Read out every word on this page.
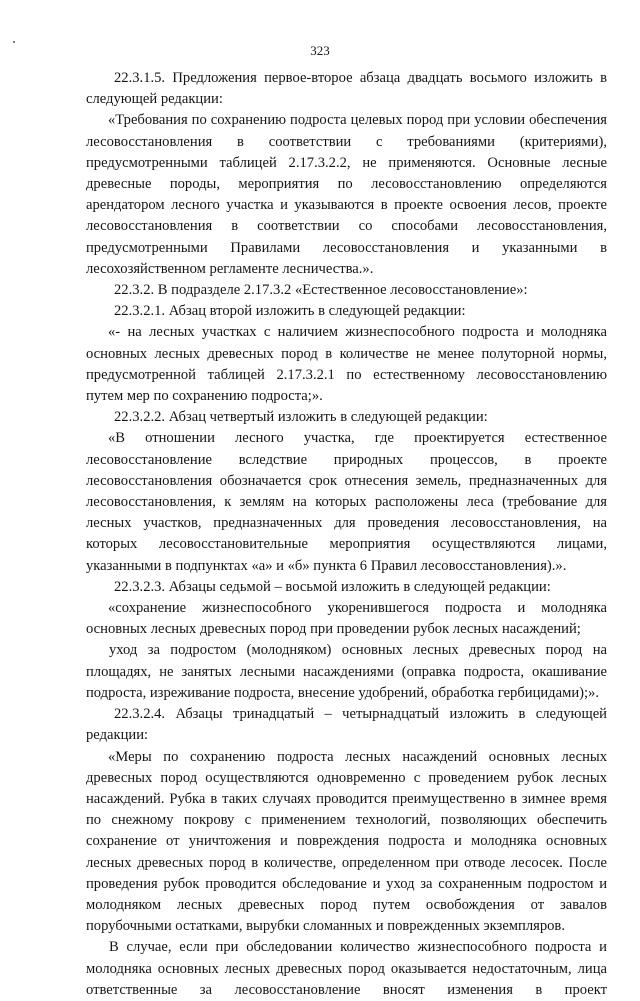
323

22.3.1.5. Предложения первое-второе абзаца двадцать восьмого изложить в следующей редакции:

«Требования по сохранению подроста целевых пород при условии обеспечения лесовосстановления в соответствии с требованиями (критериями), предусмотренными таблицей 2.17.3.2.2, не применяются. Основные лесные древесные породы, мероприятия по лесовосстановлению определяются арендатором лесного участка и указываются в проекте освоения лесов, проекте лесовосстановления в соответствии со способами лесовосстановления, предусмотренными Правилами лесовосстановления и указанными в лесохозяйственном регламенте лесничества.».

22.3.2. В подразделе 2.17.3.2 «Естественное лесовосстановление»:

22.3.2.1. Абзац второй изложить в следующей редакции:

«- на лесных участках с наличием жизнеспособного подроста и молодняка основных лесных древесных пород в количестве не менее полуторной нормы, предусмотренной таблицей 2.17.3.2.1 по естественному лесовосстановлению путем мер по сохранению подроста;».

22.3.2.2. Абзац четвертый изложить в следующей редакции:

«В отношении лесного участка, где проектируется естественное лесовосстановление вследствие природных процессов, в проекте лесовосстановления обозначается срок отнесения земель, предназначенных для лесовосстановления, к землям на которых расположены леса (требование для лесных участков, предназначенных для проведения лесовосстановления, на которых лесовосстановительные мероприятия осуществляются лицами, указанными в подпунктах «а» и «б» пункта 6 Правил лесовосстановления).».

22.3.2.3. Абзацы седьмой – восьмой изложить в следующей редакции:

«сохранение жизнеспособного укоренившегося подроста и молодняка основных лесных древесных пород при проведении рубок лесных насаждений;

уход за подростом (молодняком) основных лесных древесных пород на площадях, не занятых лесными насаждениями (оправка подроста, окашивание подроста, изреживание подроста, внесение удобрений, обработка гербицидами);».

22.3.2.4. Абзацы тринадцатый – четырнадцатый изложить в следующей редакции:

«Меры по сохранению подроста лесных насаждений основных лесных древесных пород осуществляются одновременно с проведением рубок лесных насаждений. Рубка в таких случаях проводится преимущественно в зимнее время по снежному покрову с применением технологий, позволяющих обеспечить сохранение от уничтожения и повреждения подроста и молодняка основных лесных древесных пород в количестве, определенном при отводе лесосек. После проведения рубок проводится обследование и уход за сохраненным подростом и молодняком лесных древесных пород путем освобождения от завалов порубочными остатками, вырубки сломанных и поврежденных экземпляров.

В случае, если при обследовании количество жизнеспособного подроста и молодняка основных лесных древесных пород оказывается недостаточным, лица ответственные за лесовосстановление вносят изменения в проект
